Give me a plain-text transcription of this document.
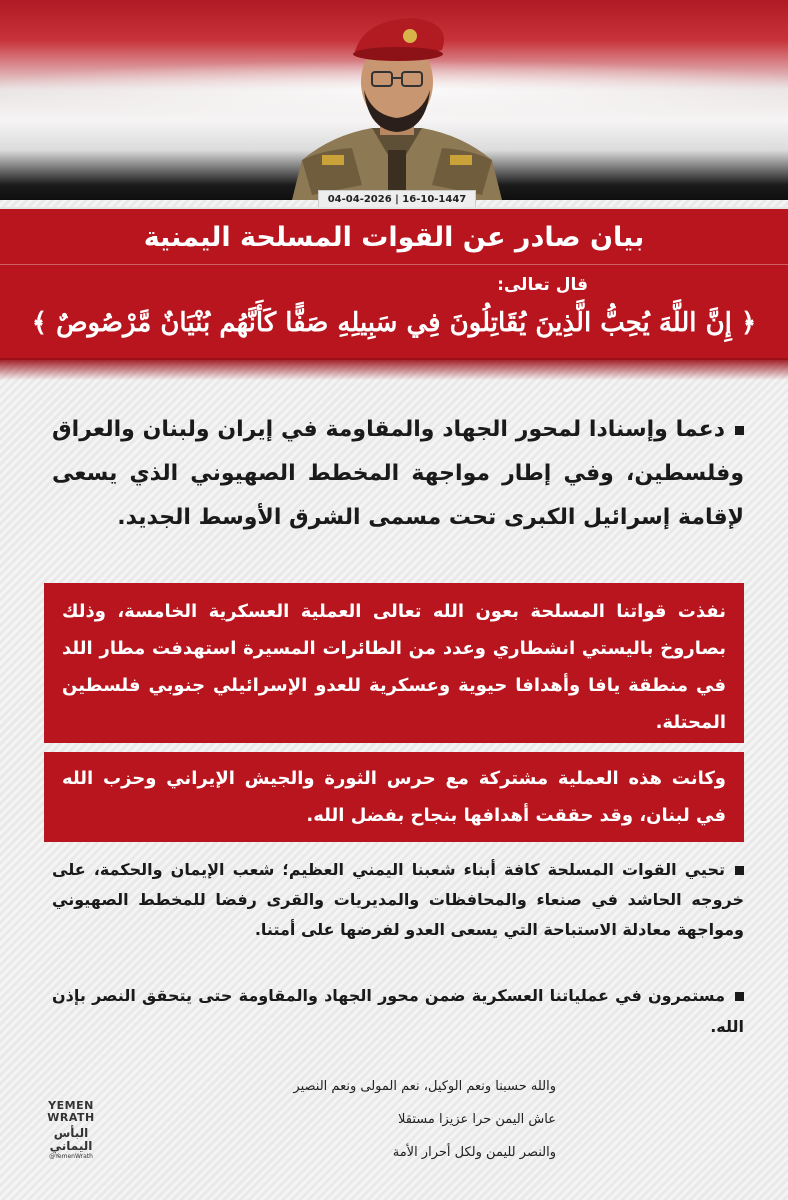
04-04-2026 | 16-10-1447
بيان صادر عن القوات المسلحة اليمنية
قال تعالى:
﴿ إِنَّ اللَّهَ يُحِبُّ الَّذِينَ يُقَاتِلُونَ فِي سَبِيلِهِ صَفًّا كَأَنَّهُم بُنْيَانٌ مَّرْصُوصٌ ﴾
دعما وإسنادا لمحور الجهاد والمقاومة في إيران ولبنان والعراق وفلسطين، وفي إطار مواجهة المخطط الصهيوني الذي يسعى لإقامة إسرائيل الكبرى تحت مسمى الشرق الأوسط الجديد.
نفذت قواتنا المسلحة بعون الله تعالى العملية العسكرية الخامسة، وذلك بصاروخ باليستي انشطاري وعدد من الطائرات المسيرة استهدفت مطار اللد في منطقة يافا وأهدافا حيوية وعسكرية للعدو الإسرائيلي جنوبي فلسطين المحتلة.
وكانت هذه العملية مشتركة مع حرس الثورة والجيش الإيراني وحزب الله في لبنان، وقد حققت أهدافها بنجاح بفضل الله.
تحيي القوات المسلحة كافة أبناء شعبنا اليمني العظيم؛ شعب الإيمان والحكمة، على خروجه الحاشد في صنعاء والمحافظات والمديريات والقرى رفضا للمخطط الصهيوني ومواجهة معادلة الاستباحة التي يسعى العدو لفرضها على أمتنا.
مستمرون في عملياتنا العسكرية ضمن محور الجهاد والمقاومة حتى يتحقق النصر بإذن الله.
والله حسبنا ونعم الوكيل، نعم المولى ونعم النصير
عاش اليمن حرا عزيزا مستقلا
والنصر لليمن ولكل أحرار الأمة
YEMEN
WRATH
البأس
اليماني
@YemenWrath
